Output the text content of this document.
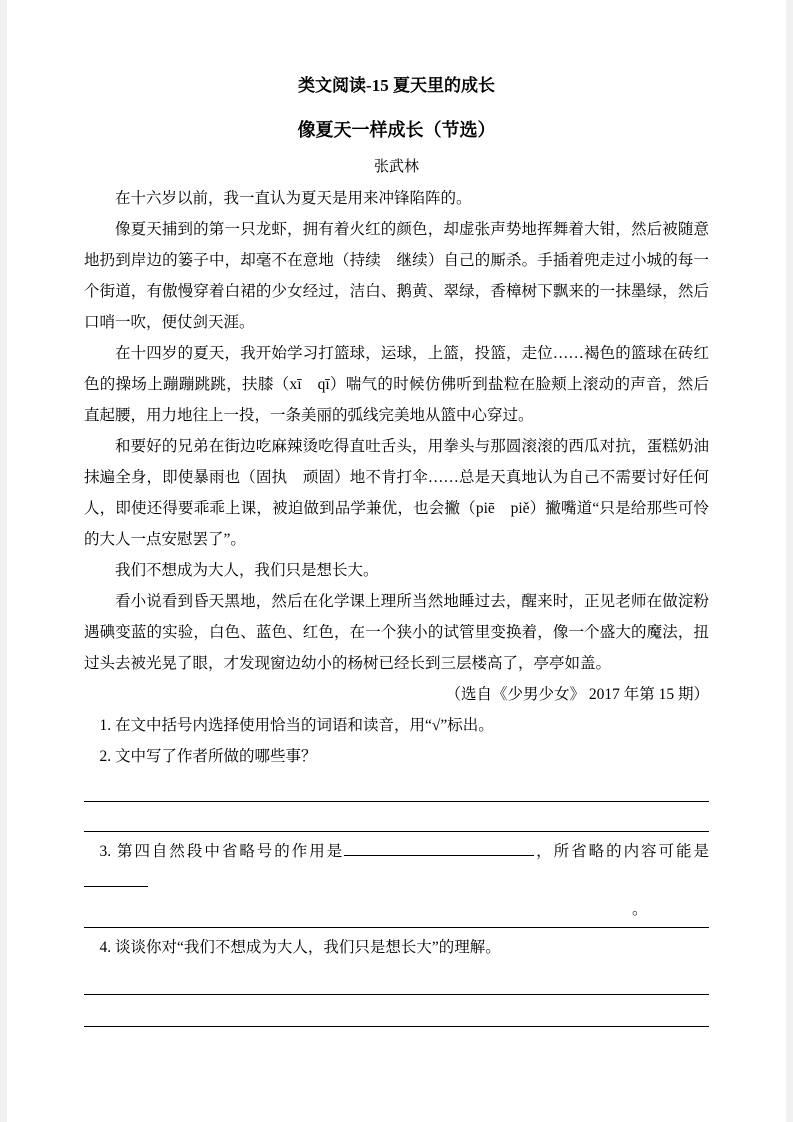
类文阅读-15 夏天里的成长
像夏天一样成长（节选）
张武林

在十六岁以前，我一直认为夏天是用来冲锋陷阵的。

像夏天捕到的第一只龙虾，拥有着火红的颜色，却虚张声势地挥舞着大钳，然后被随意地扔到岸边的篓子中，却毫不在意地（持续　继续）自己的厮杀。手插着兜走过小城的每一个街道，有傲慢穿着白裙的少女经过，洁白、鹅黄、翠绿，香樟树下飘来的一抹墨绿，然后口哨一吹，便仗剑天涯。

在十四岁的夏天，我开始学习打篮球，运球，上篮，投篮，走位……褐色的篮球在砖红色的操场上蹦蹦跳跳，扶膝（xī　qī）喘气的时候仿佛听到盐粒在脸颊上滚动的声音，然后直起腰，用力地往上一投，一条美丽的弧线完美地从篮中心穿过。

和要好的兄弟在街边吃麻辣烫吃得直吐舌头，用拳头与那圆滚滚的西瓜对抗，蛋糕奶油抹遍全身，即使暴雨也（固执　顽固）地不肯打伞……总是天真地认为自己不需要讨好任何人，即使还得要乖乖上课，被迫做到品学兼优，也会撇（piē　piě）撇嘴道“只是给那些可怜的大人一点安慰罢了”。

我们不想成为大人，我们只是想长大。

看小说看到昏天黑地，然后在化学课上理所当然地睡过去，醒来时，正见老师在做淀粉遇碘变蓝的实验，白色、蓝色、红色，在一个狭小的试管里变换着，像一个盛大的魔法，扭过头去被光晃了眼，才发现窗边幼小的杨树已经长到三层楼高了，亭亭如盖。

（选自《少男少女》 2017 年第 15 期）

1. 在文中括号内选择使用恰当的词语和读音，用“√”标出。

2. 文中写了作者所做的哪些事？

3. 第四自然段中省略号的作用是	，所省略的内容可能是

。

4. 谈谈你对“我们不想成为大人，我们只是想长大”的理解。
